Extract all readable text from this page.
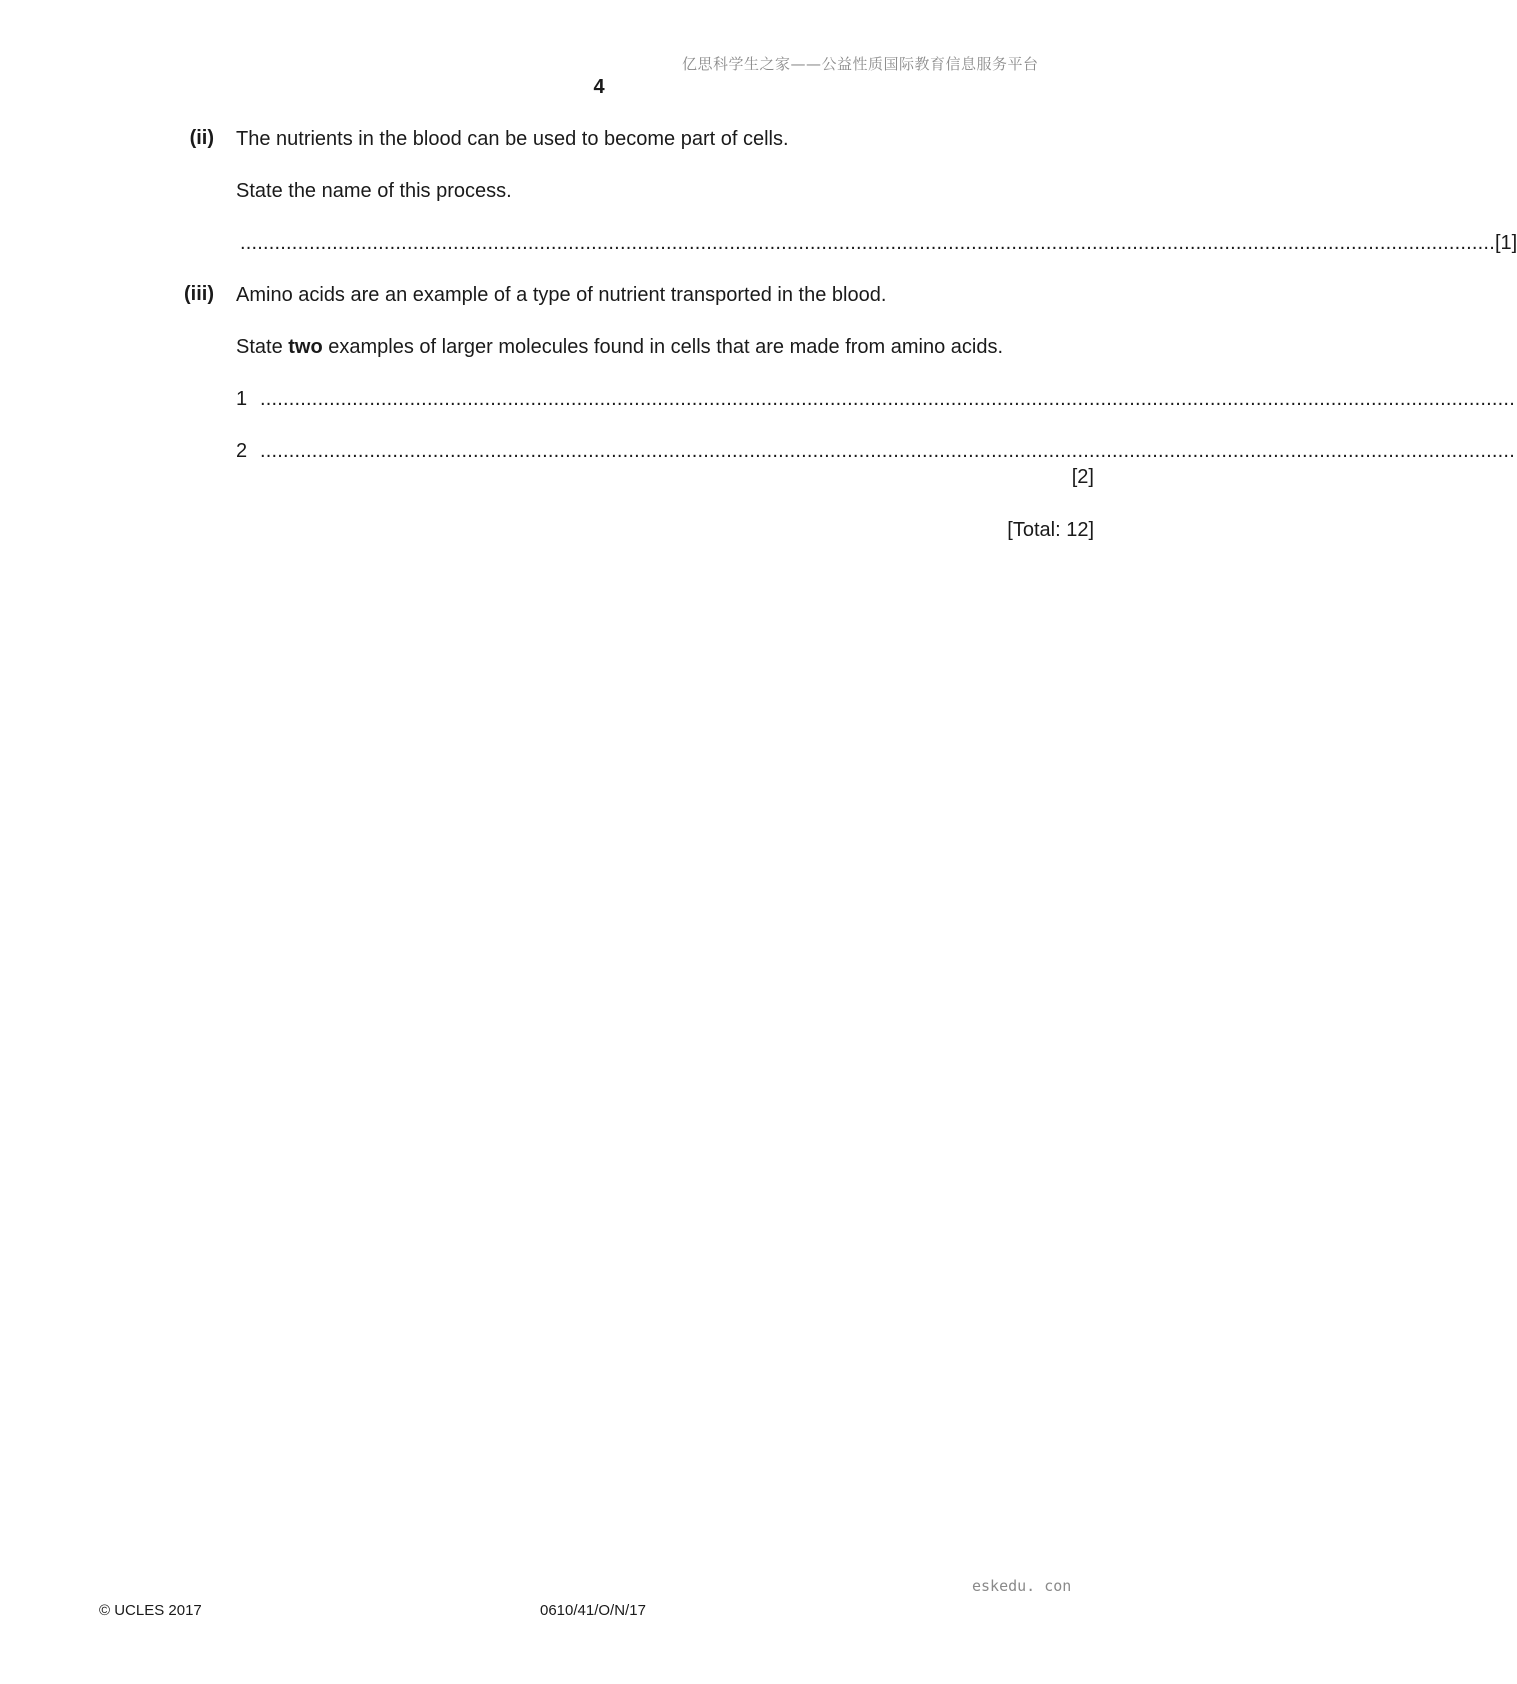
亿思科学生之家——公益性质国际教育信息服务平台
4
(ii) The nutrients in the blood can be used to become part of cells.
State the name of this process.
.......................................................................................................................................................................................................................... [1]
(iii) Amino acids are an example of a type of nutrient transported in the blood.
State two examples of larger molecules found in cells that are made from amino acids.
1 ..........................................................................................................................................................................................................................
2 ..........................................................................................................................................................................................................................
[2]
[Total: 12]
eskedu. con
© UCLES 2017	0610/41/O/N/17
